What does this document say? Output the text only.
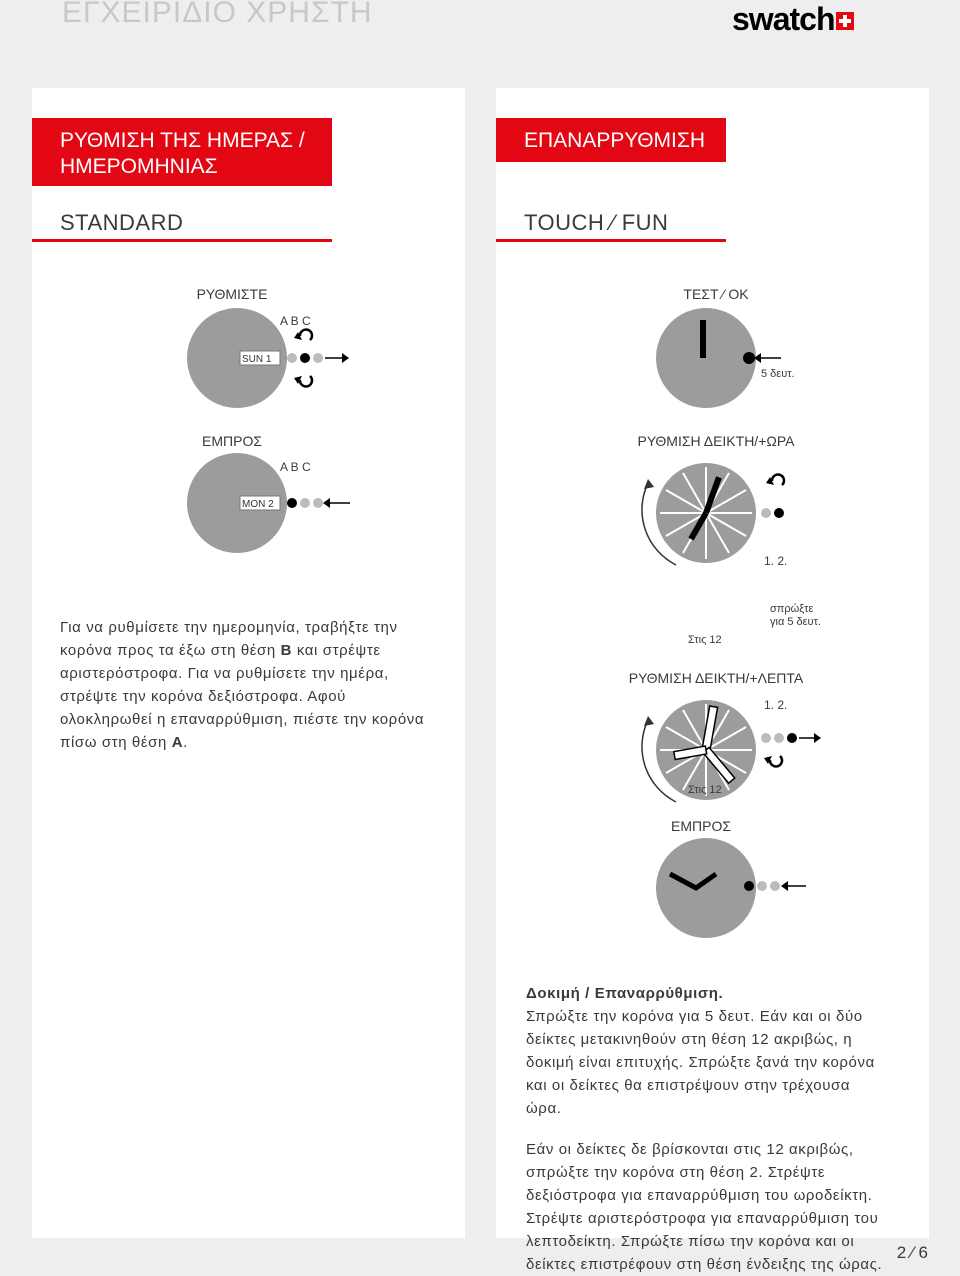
ΕΓΧΕΙΡΙΔΙΟ ΧΡΗΣΤΗ	swatch
ΡΥΘΜΙΣΗ ΤΗΣ ΗΜΕΡΑΣ /
ΗΜΕΡΟΜΗΝΙΑΣ
STANDARD
ΡΥΘΜΙΣΤΕ
SUN 1
A B C
ΕΜΠΡΟΣ
MON 2
A B C
Για να ρυθμίσετε την ημερομηνία, τραβήξτε την
κορόνα προς τα έξω στη θέση B και στρέψτε
αριστερόστροφα. Για να ρυθμίσετε την ημέρα,
στρέψτε την κορόνα δεξιόστροφα. Αφού
ολοκληρωθεί η επαναρρύθμιση, πιέστε την κορόνα
πίσω στη θέση A.
ΕΠΑΝΑΡΡΥΘΜΙΣΗ
TOUCH ⁄ FUN
ΤΕΣΤ ⁄ OK
5 δευτ.
ΡΥΘΜΙΣΗ ΔΕΙΚΤΗ/+ΩΡΑ
1. 2.
σπρώξτε
για 5 δευτ.
Στις 12
ΡΥΘΜΙΣΗ ΔΕΙΚΤΗ/+ΛΕΠΤΑ
1. 2.
Στις 12
ΕΜΠΡΟΣ
Δοκιμή / Επαναρρύθμιση.
Σπρώξτε την κορόνα για 5 δευτ. Εάν και οι δύο
δείκτες μετακινηθούν στη θέση 12 ακριβώς, η
δοκιμή είναι επιτυχής. Σπρώξτε ξανά την κορόνα
και οι δείκτες θα επιστρέψουν στην τρέχουσα
ώρα.
Εάν οι δείκτες δε βρίσκονται στις 12 ακριβώς,
σπρώξτε την κορόνα στη θέση 2. Στρέψτε
δεξιόστροφα για επαναρρύθμιση του ωροδείκτη.
Στρέψτε αριστερόστροφα για επαναρρύθμιση του
λεπτοδείκτη. Σπρώξτε πίσω την κορόνα και οι
δείκτες επιστρέφουν στη θέση ένδειξης της ώρας.
2 ⁄ 6
